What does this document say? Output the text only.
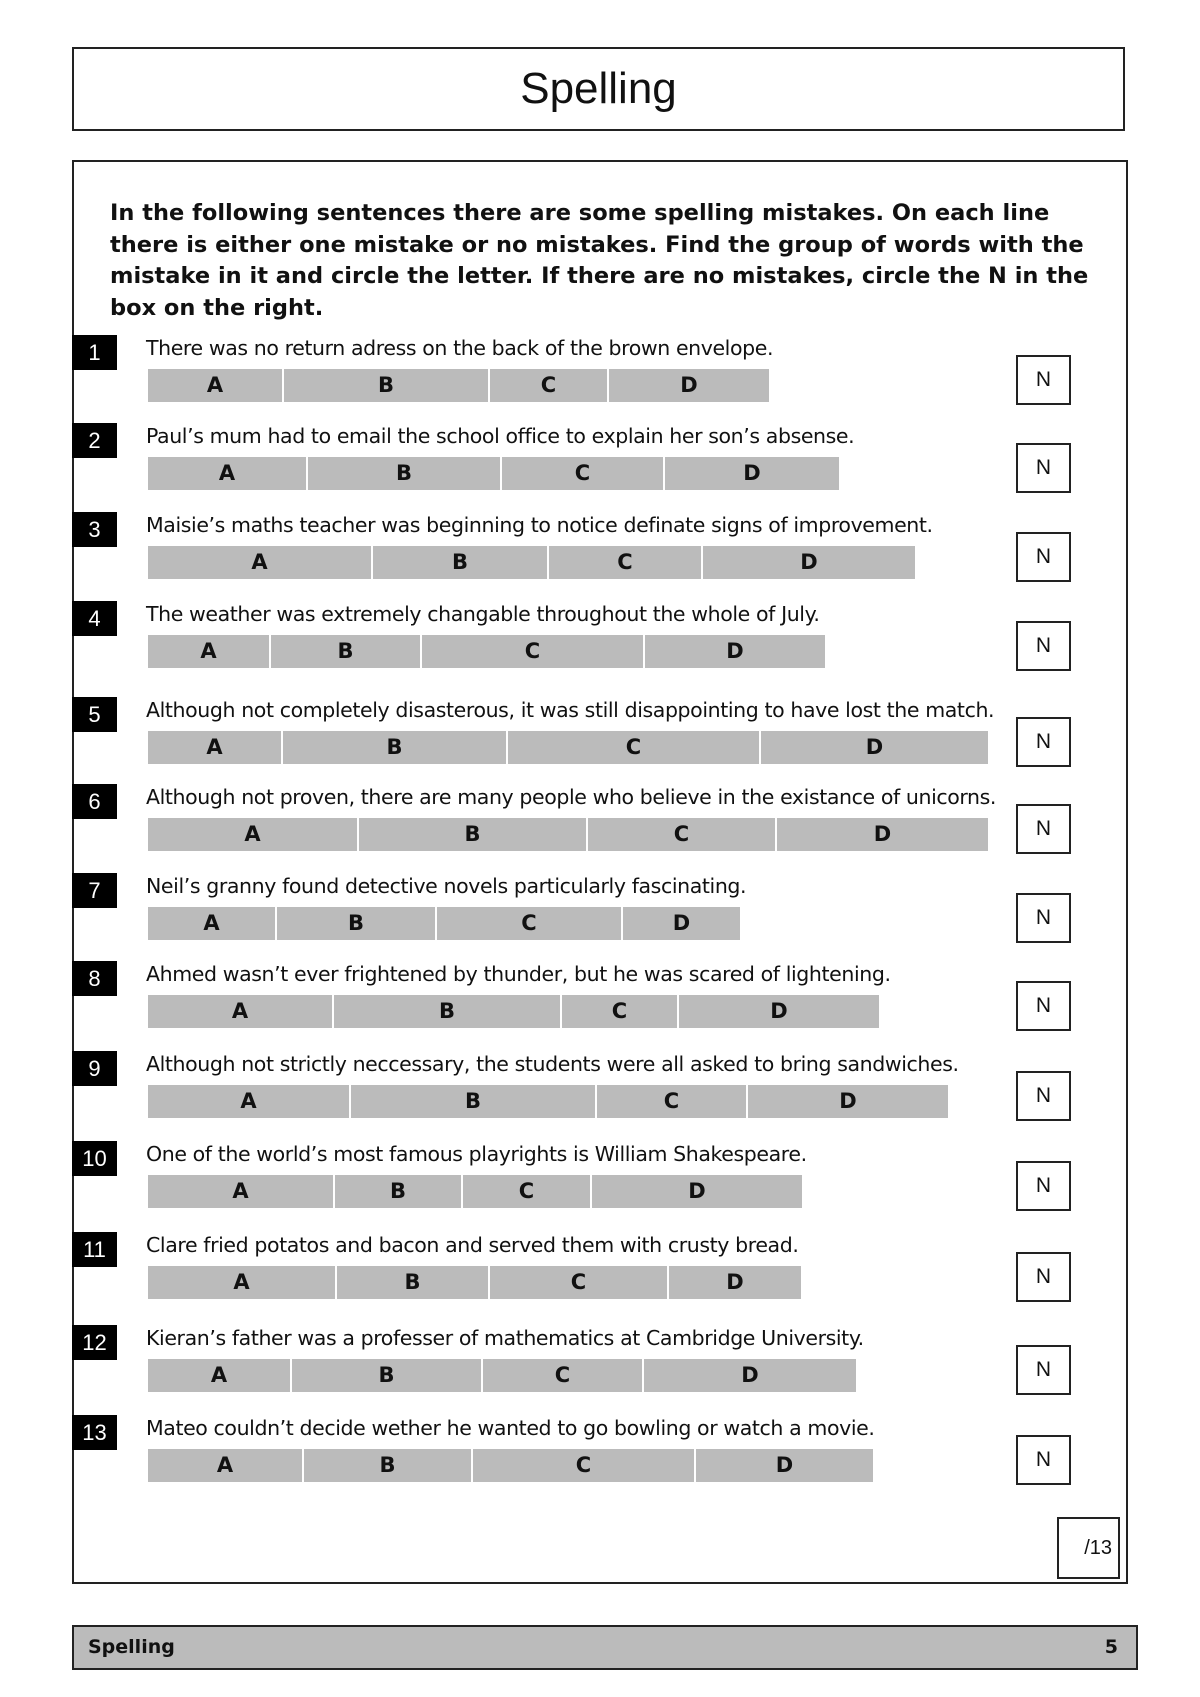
Spelling

In the following sentences there are some spelling mistakes. On each line there is either one mistake or no mistakes. Find the group of words with the mistake in it and circle the letter. If there are no mistakes, circle the N in the box on the right.

1	There was no return adress on the back of the brown envelope.
A	B	C	D	N
2	Paul’s mum had to email the school office to explain her son’s absense.
A	B	C	D	N
3	Maisie’s maths teacher was beginning to notice definate signs of improvement.
A	B	C	D	N
4	The weather was extremely changable throughout the whole of July.
A	B	C	D	N
5	Although not completely disasterous, it was still disappointing to have lost the match.
A	B	C	D	N
6	Although not proven, there are many people who believe in the existance of unicorns.
A	B	C	D	N
7	Neil’s granny found detective novels particularly fascinating.
A	B	C	D	N
8	Ahmed wasn’t ever frightened by thunder, but he was scared of lightening.
A	B	C	D	N
9	Although not strictly neccessary, the students were all asked to bring sandwiches.
A	B	C	D	N
10	One of the world’s most famous playrights is William Shakespeare.
A	B	C	D	N
11	Clare fried potatos and bacon and served them with crusty bread.
A	B	C	D	N
12	Kieran’s father was a professer of mathematics at Cambridge University.
A	B	C	D	N
13	Mateo couldn’t decide wether he wanted to go bowling or watch a movie.
A	B	C	D	N
/13
Spelling	5
